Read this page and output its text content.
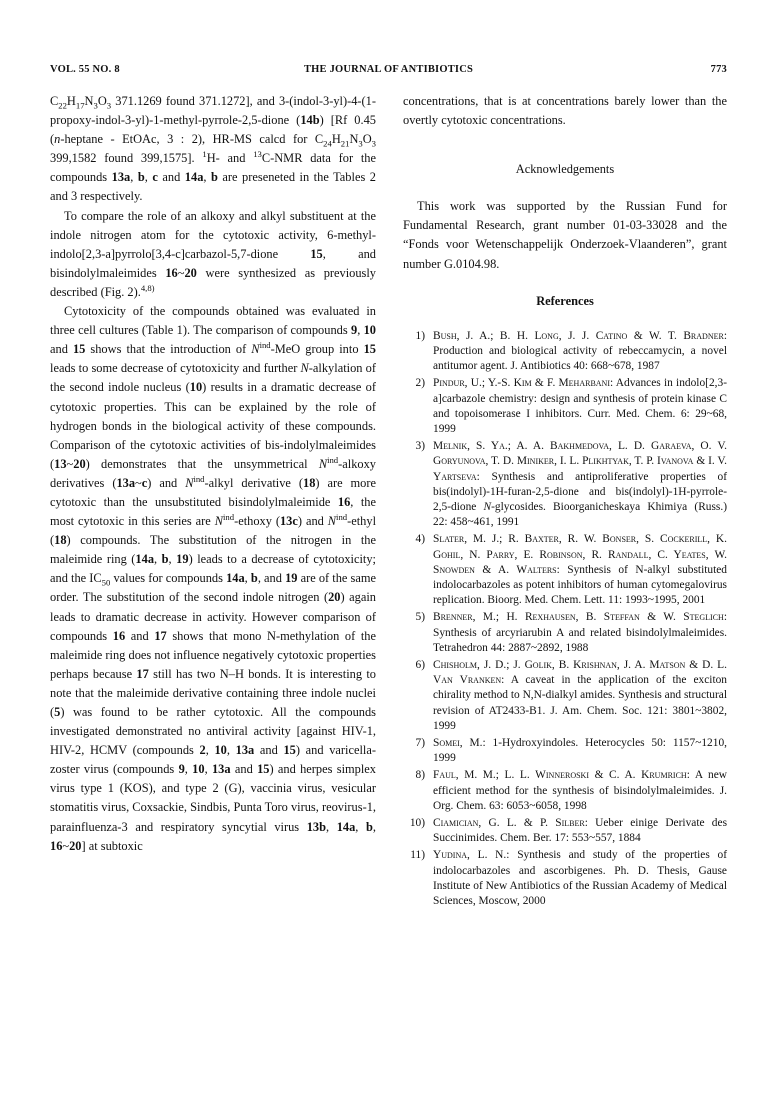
VOL. 55 NO. 8	THE JOURNAL OF ANTIBIOTICS	773

$C_{22}H_{17}N_3O_3$ 371.1269 found 371.1272], and 3-(indol-3-yl)-4-(1-propoxy-indol-3-yl)-1-methyl-pyrrole-2,5-dione (14b) [Rf 0.45 (n-heptane - EtOAc, 3 : 2), HR-MS calcd for $C_{24}H_{21}N_3O_3$ 399,1582 found 399,1575]. $^1$H- and $^{13}$C-NMR data for the compounds 13a, b, c and 14a, b are preseneted in the Tables 2 and 3 respectively.

To compare the role of an alkoxy and alkyl substituent at the indole nitrogen atom for the cytotoxic activity, 6-methyl-indolo[2,3-a]pyrrolo[3,4-c]carbazol-5,7-dione 15, and bisindolylmaleimides 16~20 were synthesized as previously described (Fig. 2).$^{4,8)}$

Cytotoxicity of the compounds obtained was evaluated in three cell cultures (Table 1). The comparison of compounds 9, 10 and 15 shows that the introduction of $N^{ind}$-MeO group into 15 leads to some decrease of cytotoxicity and further N-alkylation of the second indole nucleus (10) results in a dramatic decrease of cytotoxic properties. This can be explained by the role of hydrogen bonds in the biological activity of these compounds. Comparison of the cytotoxic activities of bis-indolylmaleimides (13~20) demonstrates that the unsymmetrical $N^{ind}$-alkoxy derivatives (13a~c) and $N^{ind}$-alkyl derivative (18) are more cytotoxic than the unsubstituted bisindolylmaleimide 16, the most cytotoxic in this series are $N^{ind}$-ethoxy (13c) and $N^{ind}$-ethyl (18) compounds. The substitution of the nitrogen in the maleimide ring (14a, b, 19) leads to a decrease of cytotoxicity; and the $IC_{50}$ values for compounds 14a, b, and 19 are of the same order. The substitution of the second indole nitrogen (20) again leads to dramatic decrease in activity. However comparison of compounds 16 and 17 shows that mono N-methylation of the maleimide ring does not influence negatively cytotoxic properties perhaps because 17 still has two N–H bonds. It is interesting to note that the maleimide derivative containing three indole nuclei (5) was found to be rather cytotoxic. All the compounds investigated demonstrated no antiviral activity [against HIV-1, HIV-2, HCMV (compounds 2, 10, 13a and 15) and varicella-zoster virus (compounds 9, 10, 13a and 15) and herpes simplex virus type 1 (KOS), and type 2 (G), vaccinia virus, vesicular stomatitis virus, Coxsackie, Sindbis, Punta Toro virus, reovirus-1, parainfluenza-3 and respiratory syncytial virus 13b, 14a, b, 16~20] at subtoxic

concentrations, that is at concentrations barely lower than the overtly cytotoxic concentrations.

Acknowledgements

This work was supported by the Russian Fund for Fundamental Research, grant number 01-03-33028 and the “Fonds voor Wetenschappelijk Onderzoek-Vlaanderen”, grant number G.0104.98.

References

1) Bush, J. A.; B. H. Long, J. J. Catino & W. T. Bradner: Production and biological activity of rebeccamycin, a novel antitumor agent. J. Antibiotics 40: 668~678, 1987
2) Pindur, U.; Y.-S. Kim & F. Meharbani: Advances in indolo[2,3-a]carbazole chemistry: design and synthesis of protein kinase C and topoisomerase I inhibitors. Curr. Med. Chem. 6: 29~68, 1999
3) Melnik, S. Ya.; A. A. Bakhmedova, L. D. Garaeva, O. V. Goryunova, T. D. Miniker, I. L. Plikhtyak, T. P. Ivanova & I. V. Yartseva: Synthesis and antiproliferative properties of bis(indolyl)-1H-furan-2,5-dione and bis(indolyl)-1H-pyrrole-2,5-dione N-glycosides. Bioorganicheskaya Khimiya (Russ.) 22: 458~461, 1991
4) Slater, M. J.; R. Baxter, R. W. Bonser, S. Cockerill, K. Gohil, N. Parry, E. Robinson, R. Randall, C. Yeates, W. Snowden & A. Walters: Synthesis of N-alkyl substituted indolocarbazoles as potent inhibitors of human cytomegalovirus replication. Bioorg. Med. Chem. Lett. 11: 1993~1995, 2001
5) Brenner, M.; H. Rexhausen, B. Steffan & W. Steglich: Synthesis of arcyriarubin A and related bisindolylmaleimides. Tetrahedron 44: 2887~2892, 1988
6) Chisholm, J. D.; J. Golik, B. Krishnan, J. A. Matson & D. L. Van Vranken: A caveat in the application of the exciton chirality method to N,N-dialkyl amides. Synthesis and structural revision of AT2433-B1. J. Am. Chem. Soc. 121: 3801~3802, 1999
7) Somei, M.: 1-Hydroxyindoles. Heterocycles 50: 1157~1210, 1999
8) Faul, M. M.; L. L. Winneroski & C. A. Krumrich: A new efficient method for the synthesis of bisindolylmaleimides. J. Org. Chem. 63: 6053~6058, 1998
10) Ciamician, G. L. & P. Silber: Ueber einige Derivate des Succinimides. Chem. Ber. 17: 553~557, 1884
11) Yudina, L. N.: Synthesis and study of the properties of indolocarbazoles and ascorbigenes. Ph. D. Thesis, Gause Institute of New Antibiotics of the Russian Academy of Medical Sciences, Moscow, 2000
